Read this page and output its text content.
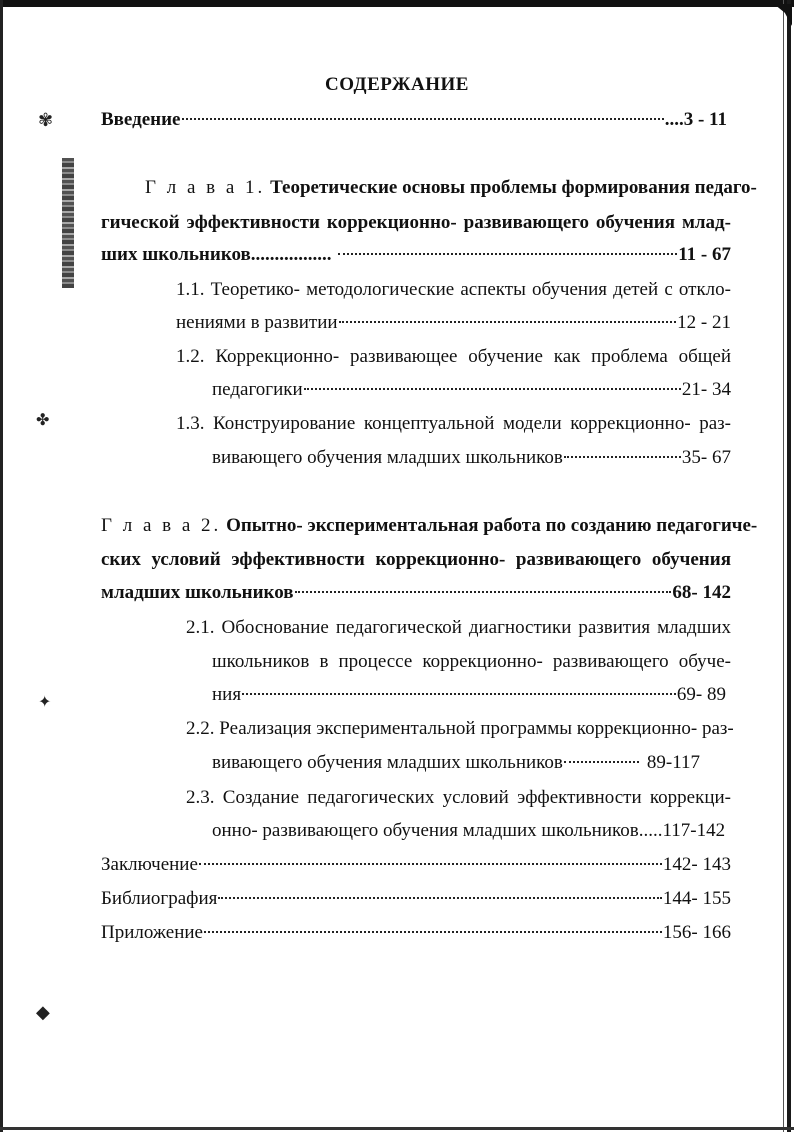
✾
✤
✦
◆
СОДЕРЖАНИЕ
Введение	....3 - 11
Г л а в а 1. Теоретические основы проблемы формирования педаго-
гической эффективности коррекционно- развивающего обучения млад-
ших школьников.................	11 - 67
1.1. Теоретико- методологические аспекты обучения детей с откло-
нениями в развитии	12 - 21
1.2. Коррекционно- развивающее обучение как проблема общей
педагогики	21- 34
1.3. Конструирование концептуальной модели коррекционно- раз-
вивающего обучения младших школьников	35- 67
Г л а в а 2. Опытно- экспериментальная работа по созданию педагогиче-
ских условий эффективности коррекционно- развивающего обучения
младших школьников	68- 142
2.1. Обоснование педагогической диагностики развития младших
школьников в процессе коррекционно- развивающего обуче-
ния	69- 89
2.2. Реализация экспериментальной программы коррекционно- раз-
вивающего обучения младших школьников	89-117
2.3. Создание педагогических условий эффективности коррекци-
онно- развивающего обучения младших школьников .....117-142
Заключение	142- 143
Библиография	144- 155
Приложение	156- 166
